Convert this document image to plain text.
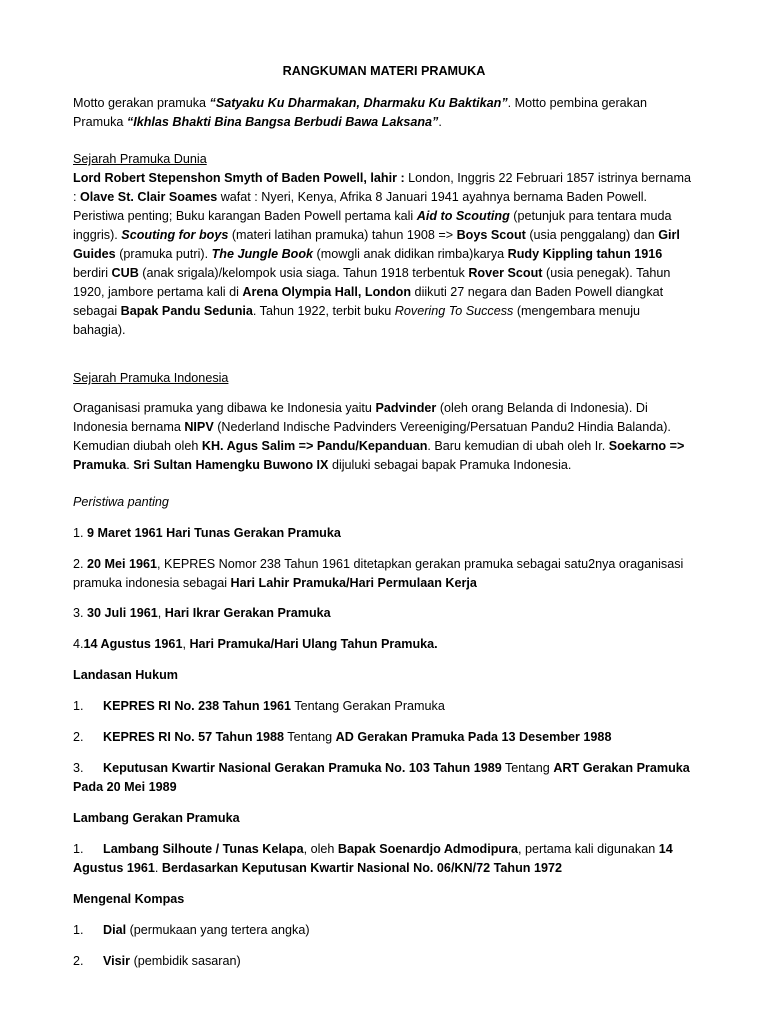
RANGKUMAN MATERI PRAMUKA
Motto gerakan pramuka “Satyaku Ku Dharmakan, Dharmaku Ku Baktikan”. Motto pembina gerakan Pramuka “Ikhlas Bhakti Bina Bangsa Berbudi Bawa Laksana”.
Sejarah Pramuka Dunia
Lord Robert Stepenshon Smyth of Baden Powell, lahir : London, Inggris 22 Februari 1857 istrinya bernama : Olave St. Clair Soames wafat : Nyeri, Kenya, Afrika 8 Januari 1941 ayahnya bernama Baden Powell.
Peristiwa penting; Buku karangan Baden Powell pertama kali Aid to Scouting (petunjuk para tentara muda inggris). Scouting for boys (materi latihan pramuka) tahun 1908 => Boys Scout (usia penggalang) dan Girl Guides (pramuka putri). The Jungle Book (mowgli anak didikan rimba)karya Rudy Kippling tahun 1916 berdiri CUB (anak srigala)/kelompok usia siaga. Tahun 1918 terbentuk Rover Scout (usia penegak). Tahun 1920, jambore pertama kali di Arena Olympia Hall, London diikuti 27 negara dan Baden Powell diangkat sebagai Bapak Pandu Sedunia. Tahun 1922, terbit buku Rovering To Success (mengembara menuju bahagia).
Sejarah Pramuka Indonesia
Oraganisasi pramuka yang dibawa ke Indonesia yaitu Padvinder (oleh orang Belanda di Indonesia). Di Indonesia bernama NIPV (Nederland Indische Padvinders Vereeniging/Persatuan Pandu2 Hindia Balanda). Kemudian diubah oleh KH. Agus Salim => Pandu/Kepanduan. Baru kemudian di ubah oleh Ir. Soekarno => Pramuka. Sri Sultan Hamengku Buwono IX dijuluki sebagai bapak Pramuka Indonesia.
Peristiwa panting
1. 9 Maret 1961 Hari Tunas Gerakan Pramuka
2. 20 Mei 1961, KEPRES Nomor 238 Tahun 1961 ditetapkan gerakan pramuka sebagai satu2nya oraganisasi pramuka indonesia sebagai Hari Lahir Pramuka/Hari Permulaan Kerja
3. 30 Juli 1961, Hari Ikrar Gerakan Pramuka
4.14 Agustus 1961, Hari Pramuka/Hari Ulang Tahun Pramuka.
Landasan Hukum
1. KEPRES RI No. 238 Tahun 1961 Tentang Gerakan Pramuka
2. KEPRES RI No. 57 Tahun 1988 Tentang AD Gerakan Pramuka Pada 13 Desember 1988
3. Keputusan Kwartir Nasional Gerakan Pramuka No. 103 Tahun 1989 Tentang ART Gerakan Pramuka Pada 20 Mei 1989
Lambang Gerakan Pramuka
1. Lambang Silhoute / Tunas Kelapa, oleh Bapak Soenardjo Admodipura, pertama kali digunakan 14 Agustus 1961. Berdasarkan Keputusan Kwartir Nasional No. 06/KN/72 Tahun 1972
Mengenal Kompas
1. Dial (permukaan yang tertera angka)
2. Visir (pembidik sasaran)
